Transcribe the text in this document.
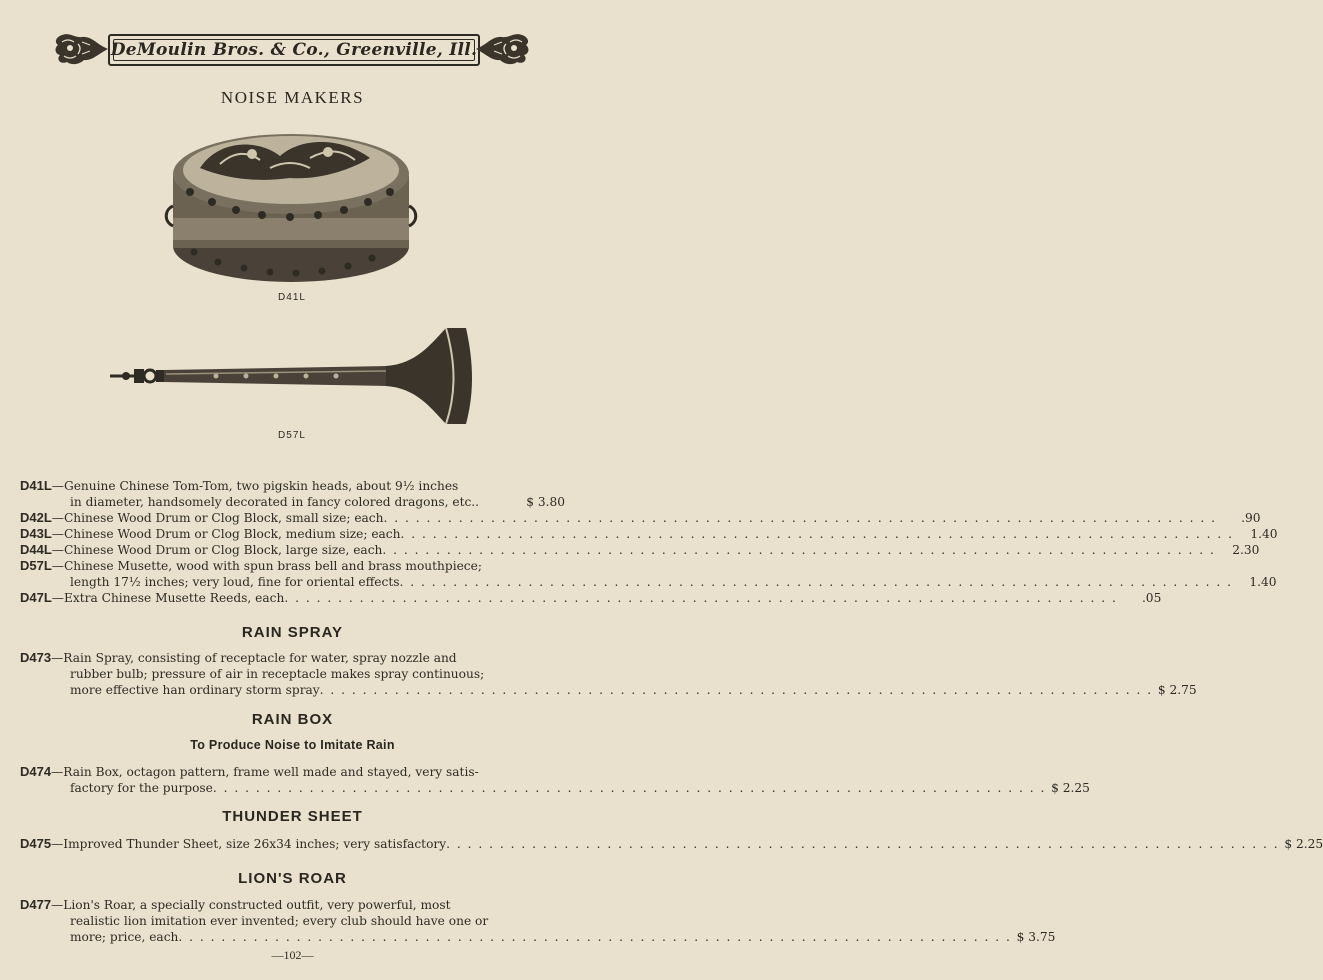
DeMoulin Bros. & Co., Greenville, Ill.
NOISE MAKERS
D41L
D57L
D41L —Genuine Chinese Tom-Tom, two pigskin heads, about 9½ inches
in diameter, handsomely decorated in fancy colored dragons, etc..	$ 3.80
D42L —Chinese Wood Drum or Clog Block, small size; each . . .	.90
D43L —Chinese Wood Drum or Clog Block, medium size; each . . .	1.40
D44L —Chinese Wood Drum or Clog Block, large size, each . . .	2.30
D57L —Chinese Musette, wood with spun brass bell and brass mouthpiece;
length 17½ inches; very loud, fine for oriental effects . . .	1.40
D47L —Extra Chinese Musette Reeds, each . . .	.05
RAIN SPRAY
D473 —Rain Spray, consisting of receptacle for water, spray nozzle and
rubber bulb; pressure of air in receptacle makes spray continuous;
more effective han ordinary storm spray . . .	$ 2.75
RAIN BOX
To Produce Noise to Imitate Rain
D474 —Rain Box, octagon pattern, frame well made and stayed, very satis-
factory for the purpose . . .	$ 2.25
THUNDER SHEET
D475 —Improved Thunder Sheet, size 26x34 inches; very satisfactory . . .	$ 2.25
LION'S ROAR
D477 —Lion's Roar, a specially constructed outfit, very powerful, most
realistic lion imitation ever invented; every club should have one or
more; price, each . . .	$ 3.75
—102—
